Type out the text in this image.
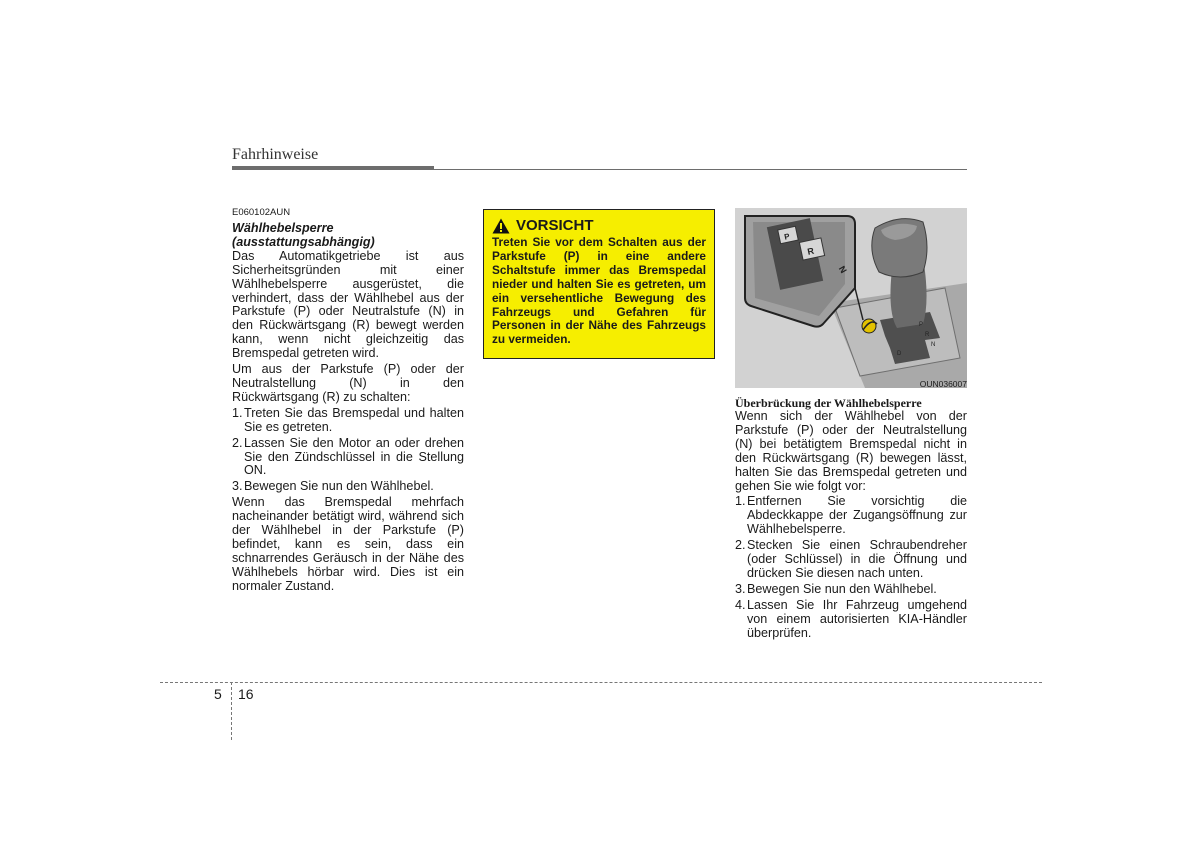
Fahrhinweise
E060102AUN
Wählhebelsperre
(ausstattungsabhängig)

Das Automatikgetriebe ist aus Sicherheitsgründen mit einer Wählhebelsperre ausgerüstet, die verhindert, dass der Wählhebel aus der Parkstufe (P) oder Neutralstufe (N) in den Rückwärtsgang (R) bewegt werden kann, wenn nicht gleichzeitig das Bremspedal getreten wird.

Um aus der Parkstufe (P) oder der Neutralstellung (N) in den Rückwärtsgang (R) zu schalten:

1. Treten Sie das Bremspedal und halten Sie es getreten.
2. Lassen Sie den Motor an oder drehen Sie den Zündschlüssel in die Stellung ON.
3. Bewegen Sie nun den Wählhebel.

Wenn das Bremspedal mehrfach nacheinander betätigt wird, während sich der Wählhebel in der Parkstufe (P) befindet, kann es sein, dass ein schnarrendes Geräusch in der Nähe des Wählhebels hörbar wird. Dies ist ein normaler Zustand.

VORSICHT

Treten Sie vor dem Schalten aus der Parkstufe (P) in eine andere Schaltstufe immer das Bremspedal nieder und halten Sie es getreten, um ein versehentliche Bewegung des Fahrzeugs und Gefahren für Personen in der Nähe des Fahrzeugs zu vermeiden.

P
R
N
D
R
P
N
OUN036007
Überbrückung der Wählhebelsperre

Wenn sich der Wählhebel von der Parkstufe (P) oder der Neutralstellung (N) bei betätigtem Bremspedal nicht in den Rückwärtsgang (R) bewegen lässt, halten Sie das Bremspedal getreten und gehen Sie wie folgt vor:

1. Entfernen Sie vorsichtig die Abdeckkappe der Zugangsöffnung zur Wählhebelsperre.
2. Stecken Sie einen Schraubendreher (oder Schlüssel) in die Öffnung und drücken Sie diesen nach unten.
3. Bewegen Sie nun den Wählhebel.
4. Lassen Sie Ihr Fahrzeug umgehend von einem autorisierten KIA-Händler überprüfen.
5 16
